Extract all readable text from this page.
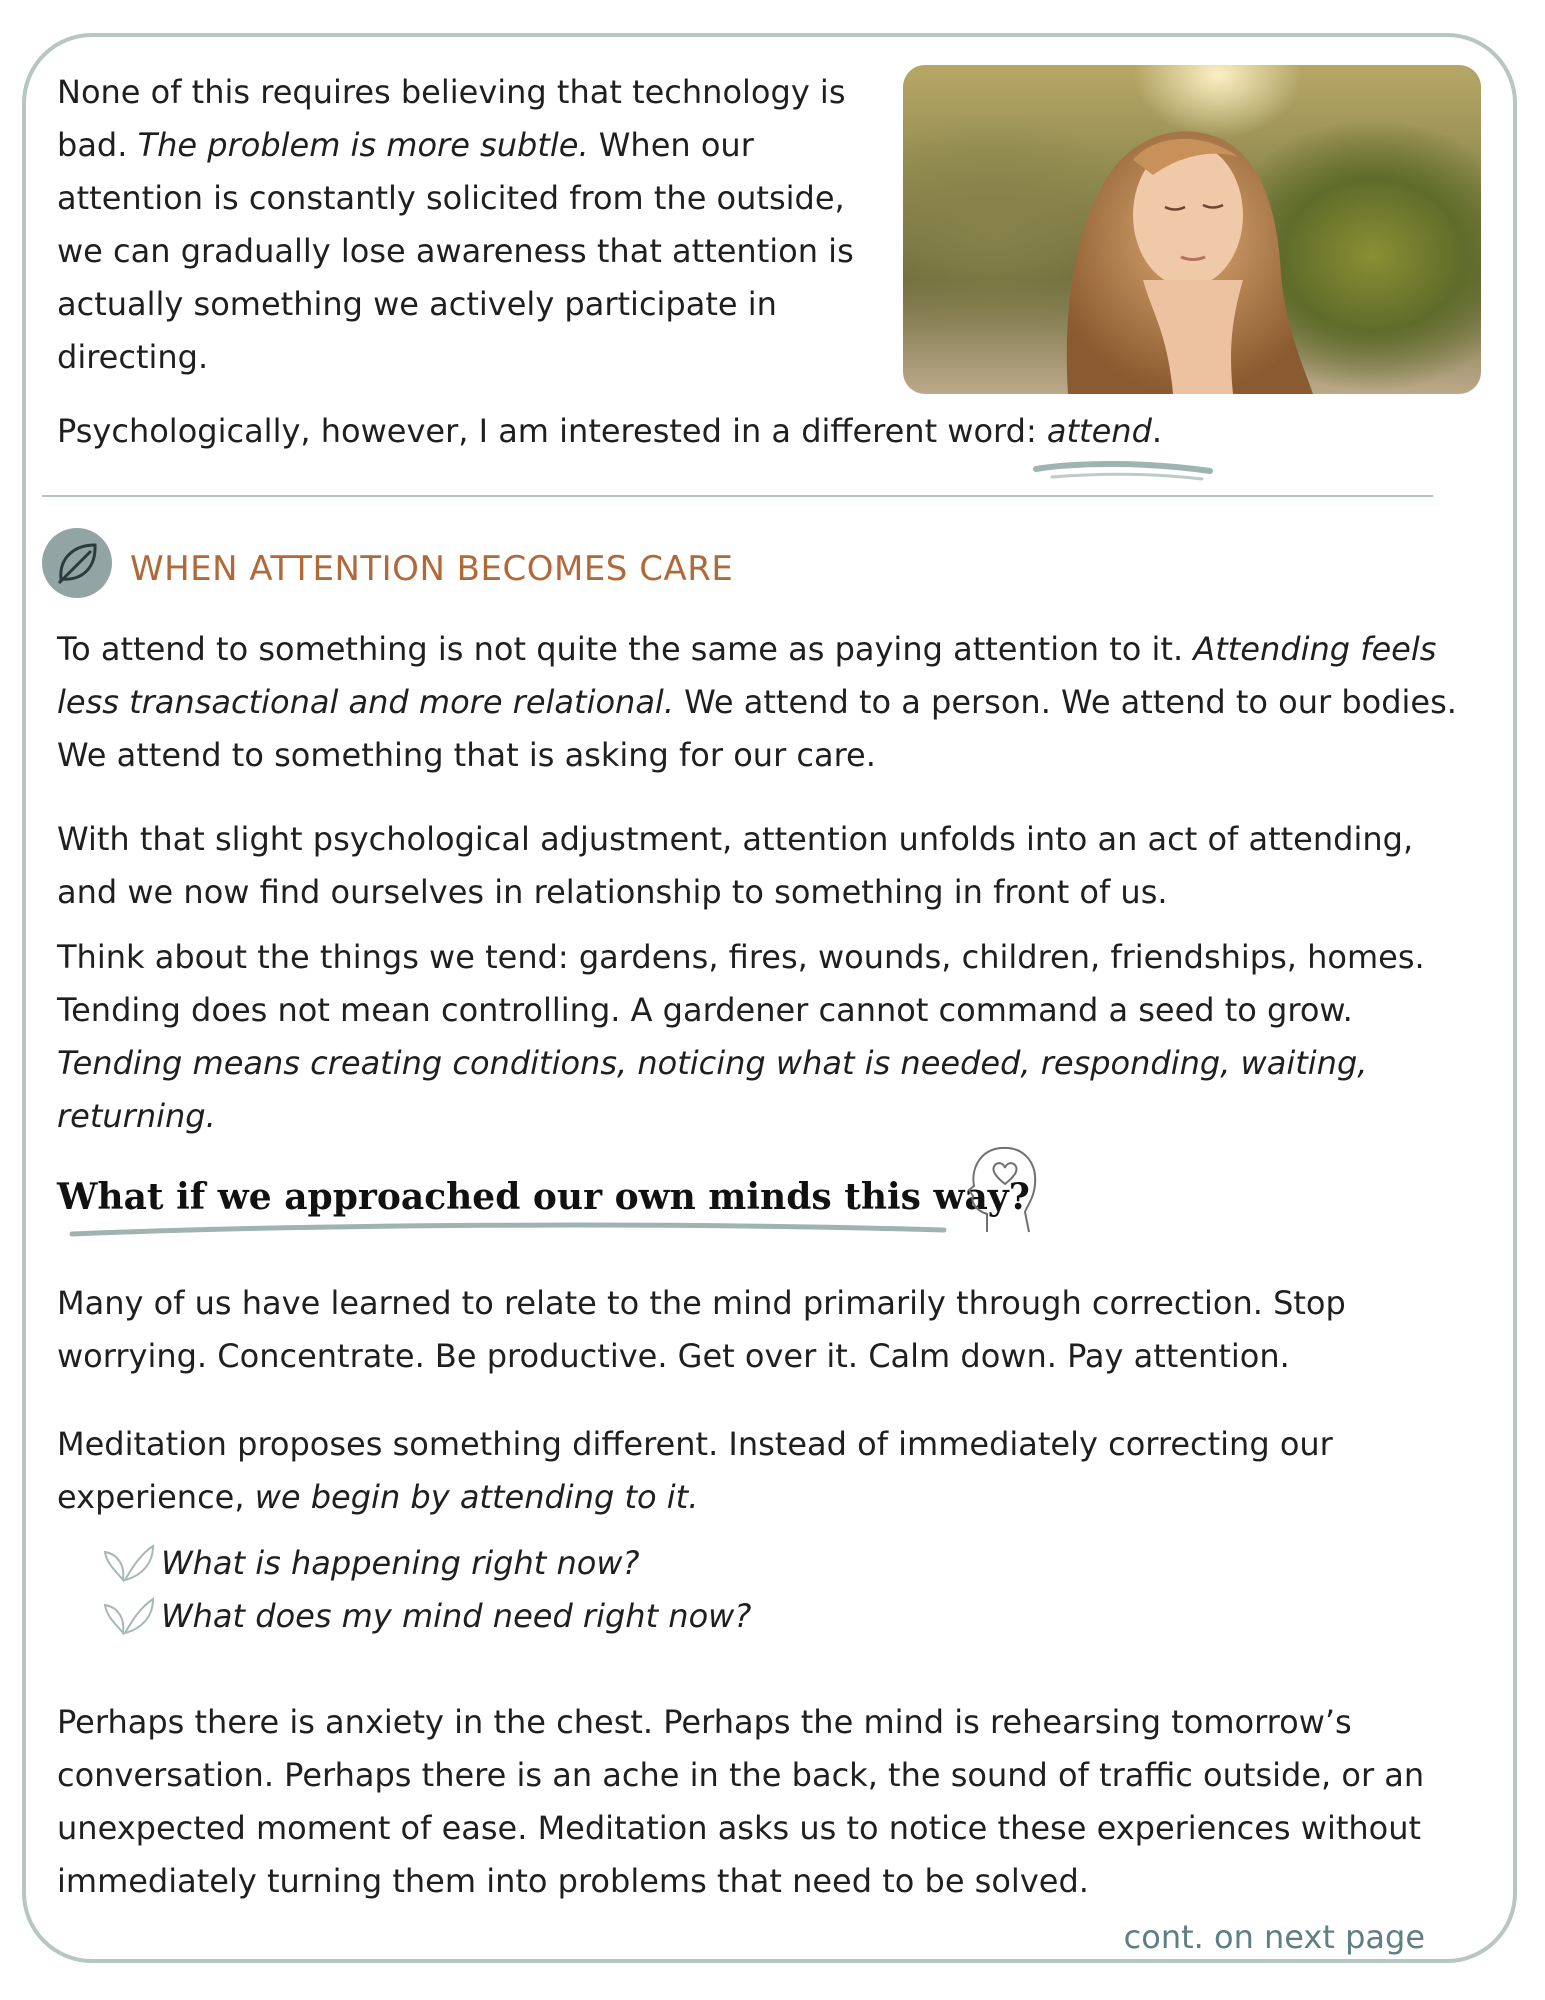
None of this requires believing that technology is bad. The problem is more subtle. When our attention is constantly solicited from the outside, we can gradually lose awareness that attention is actually something we actively participate in directing.

Psychologically, however, I am interested in a different word: attend.

WHEN ATTENTION BECOMES CARE

To attend to something is not quite the same as paying attention to it. Attending feels less transactional and more relational. We attend to a person. We attend to our bodies. We attend to something that is asking for our care.

With that slight psychological adjustment, attention unfolds into an act of attending, and we now find ourselves in relationship to something in front of us.

Think about the things we tend: gardens, fires, wounds, children, friendships, homes. Tending does not mean controlling. A gardener cannot command a seed to grow. Tending means creating conditions, noticing what is needed, responding, waiting, returning.

What if we approached our own minds this way?

Many of us have learned to relate to the mind primarily through correction. Stop worrying. Concentrate. Be productive. Get over it. Calm down. Pay attention.

Meditation proposes something different. Instead of immediately correcting our experience, we begin by attending to it.

What is happening right now?

What does my mind need right now?

Perhaps there is anxiety in the chest. Perhaps the mind is rehearsing tomorrow’s conversation. Perhaps there is an ache in the back, the sound of traffic outside, or an unexpected moment of ease. Meditation asks us to notice these experiences without immediately turning them into problems that need to be solved.

cont. on next page
